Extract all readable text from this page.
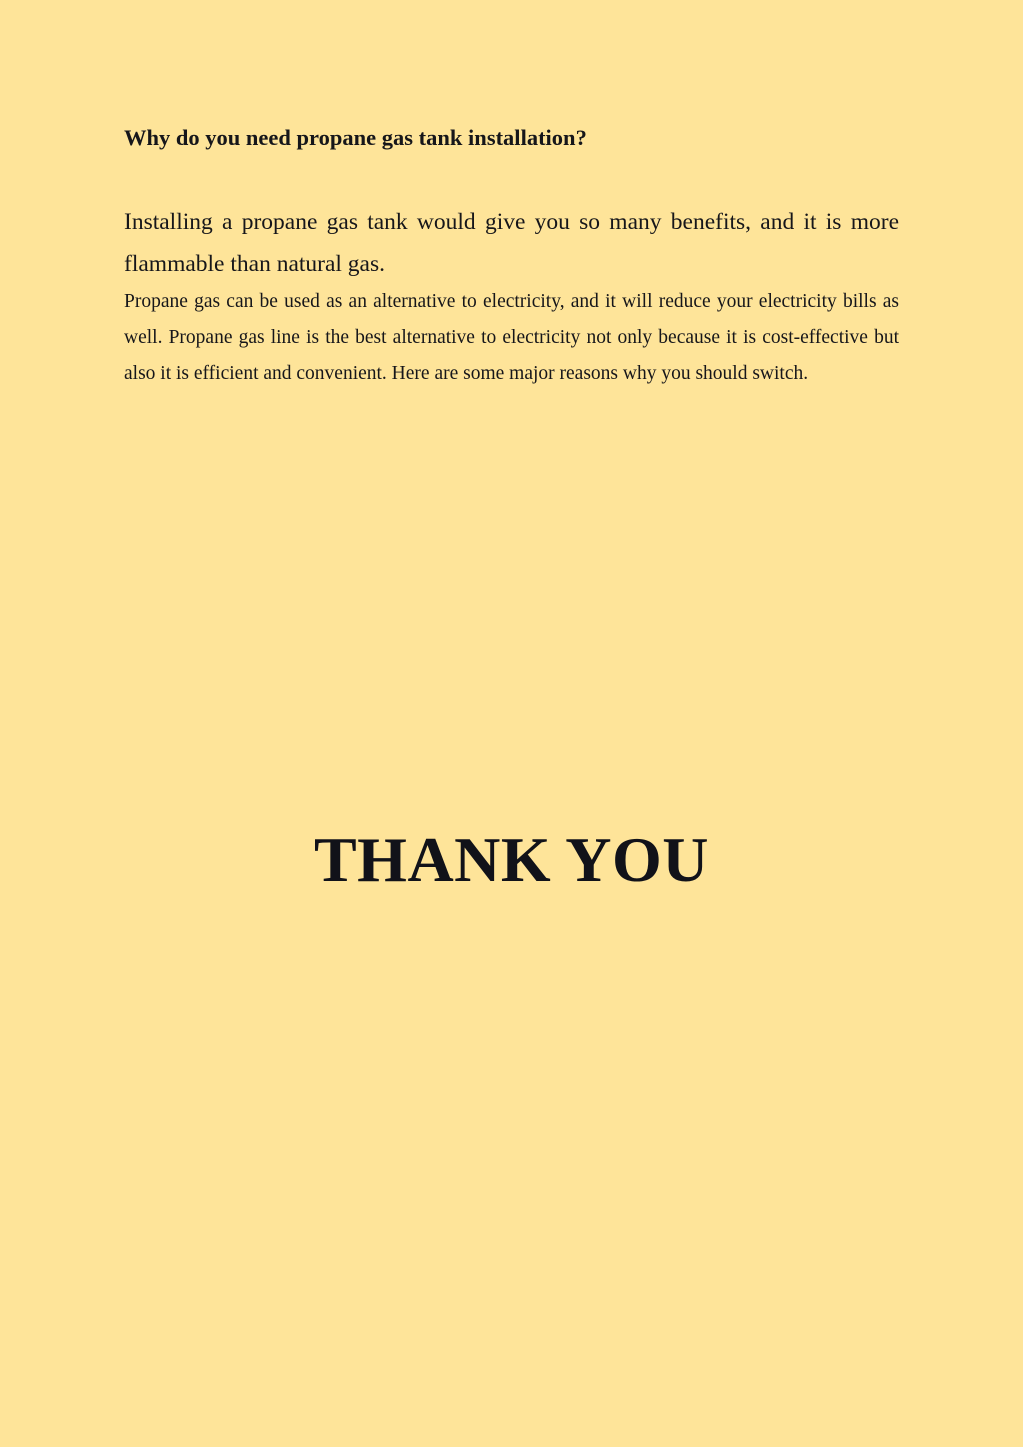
Why do you need propane gas tank installation?

Installing a propane gas tank would give you so many benefits, and it is more flammable than natural gas.

Propane gas can be used as an alternative to electricity, and it will reduce your electricity bills as well. Propane gas line is the best alternative to electricity not only because it is cost-effective but also it is efficient and convenient. Here are some major reasons why you should switch.

THANK YOU
